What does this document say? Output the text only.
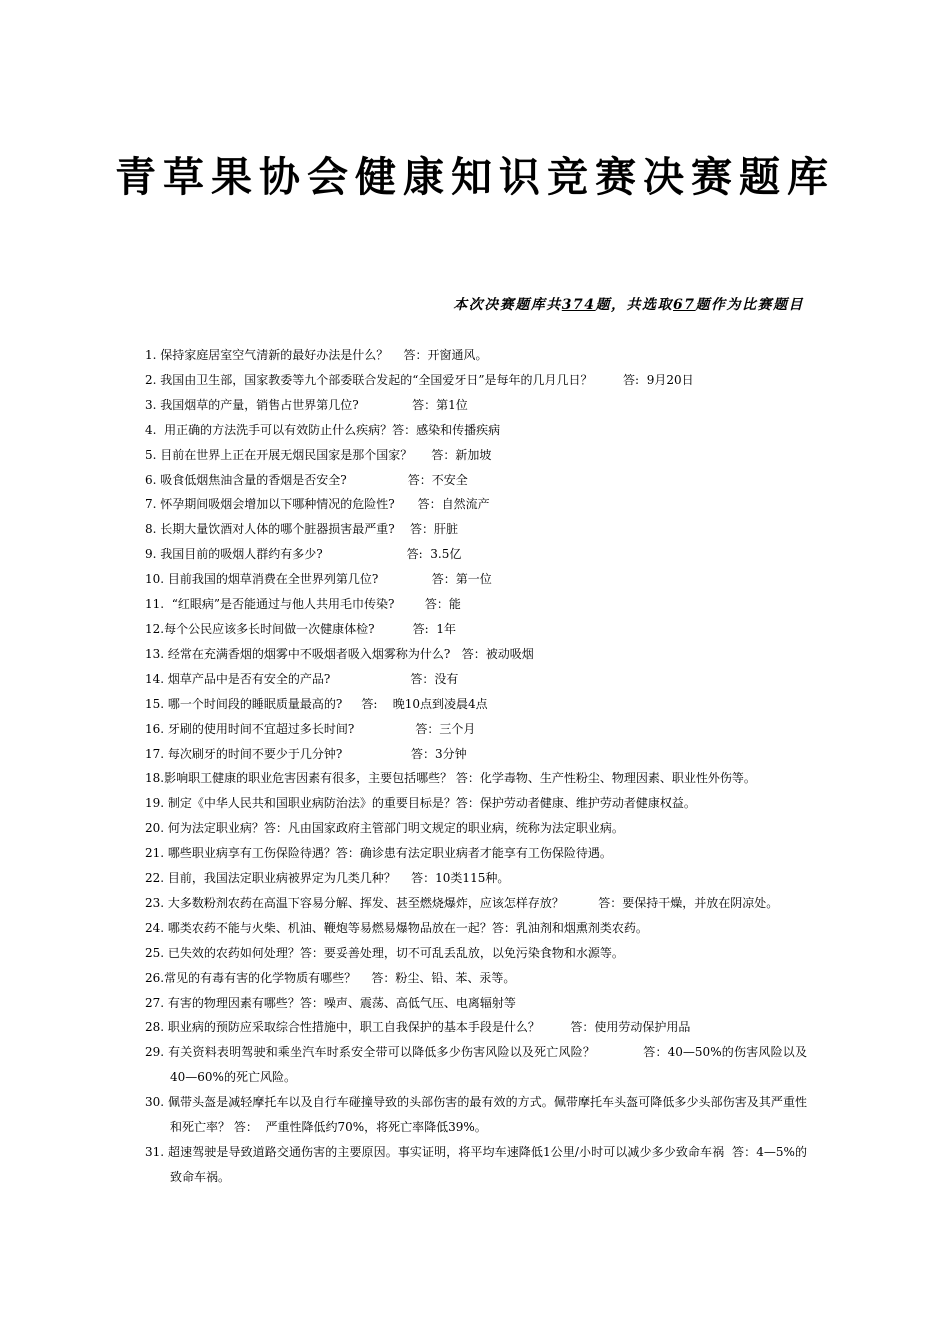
青草果协会健康知识竞赛决赛题库
本次决赛题库共374题，共选取67题作为比赛题目
1. 保持家庭居室空气清新的最好办法是什么？    答：开窗通风。
2. 我国由卫生部，国家教委等九个部委联合发起的“全国爱牙日”是每年的几月几日？        答:  9月20日
3. 我国烟草的产量，销售占世界第几位?              答：第1位
4.  用正确的方法洗手可以有效防止什么疾病？答：感染和传播疾病
5. 目前在世界上正在开展无烟民国家是那个国家？     答：新加坡
6. 吸食低烟焦油含量的香烟是否安全?                答：不安全
7. 怀孕期间吸烟会增加以下哪种情况的危险性?      答：自然流产
8. 长期大量饮酒对人体的哪个脏器损害最严重?    答：肝脏
9. 我国目前的吸烟人群约有多少?                      答:  3.5亿
10. 目前我国的烟草消费在全世界列第几位?              答：第一位
11.  “红眼病”是否能通过与他人共用毛巾传染?        答：能
12.每个公民应该多长时间做一次健康体检?          答:  1年
13. 经常在充满香烟的烟雾中不吸烟者吸入烟雾称为什么?   答：被动吸烟
14. 烟草产品中是否有安全的产品?                     答：没有
15. 哪一个时间段的睡眠质量最高的?     答:    晚10点到凌晨4点
16. 牙刷的使用时间不宜超过多长时间?                答：三个月
17. 每次刷牙的时间不要少于几分钟?                  答：3分钟
18.影响职工健康的职业危害因素有很多，主要包括哪些？ 答：化学毒物、生产性粉尘、物理因素、职业性外伤等。
19. 制定《中华人民共和国职业病防治法》的重要目标是？答：保护劳动者健康、维护劳动者健康权益。
20. 何为法定职业病？答：凡由国家政府主管部门明文规定的职业病，统称为法定职业病。
21. 哪些职业病享有工伤保险待遇？答：确诊患有法定职业病者才能享有工伤保险待遇。
22. 目前，我国法定职业病被界定为几类几种？    答：10类115种。
23. 大多数粉剂农药在高温下容易分解、挥发、甚至燃烧爆炸，应该怎样存放？         答：要保持干燥，并放在阴凉处。
24. 哪类农药不能与火柴、机油、鞭炮等易燃易爆物品放在一起？答：乳油剂和烟熏剂类农药。
25. 已失效的农药如何处理？答：要妥善处理，切不可乱丢乱放，以免污染食物和水源等。
26.常见的有毒有害的化学物质有哪些？    答：粉尘、铅、苯、汞等。
27. 有害的物理因素有哪些？答：噪声、震荡、高低气压、电离辐射等
28. 职业病的预防应采取综合性措施中，职工自我保护的基本手段是什么？        答：使用劳动保护用品
29. 有关资料表明驾驶和乘坐汽车时系安全带可以降低多少伤害风险以及死亡风险？            答：40—50%的伤害风险以及40—60%的死亡风险。
30. 佩带头盔是减轻摩托车以及自行车碰撞导致的头部伤害的最有效的方式。佩带摩托车头盔可降低多少头部伤害及其严重性和死亡率？ 答：  严重性降低约70%，将死亡率降低39%。
31. 超速驾驶是导致道路交通伤害的主要原因。事实证明，将平均车速降低1公里/小时可以减少多少致命车祸  答：4—5%的致命车祸。
